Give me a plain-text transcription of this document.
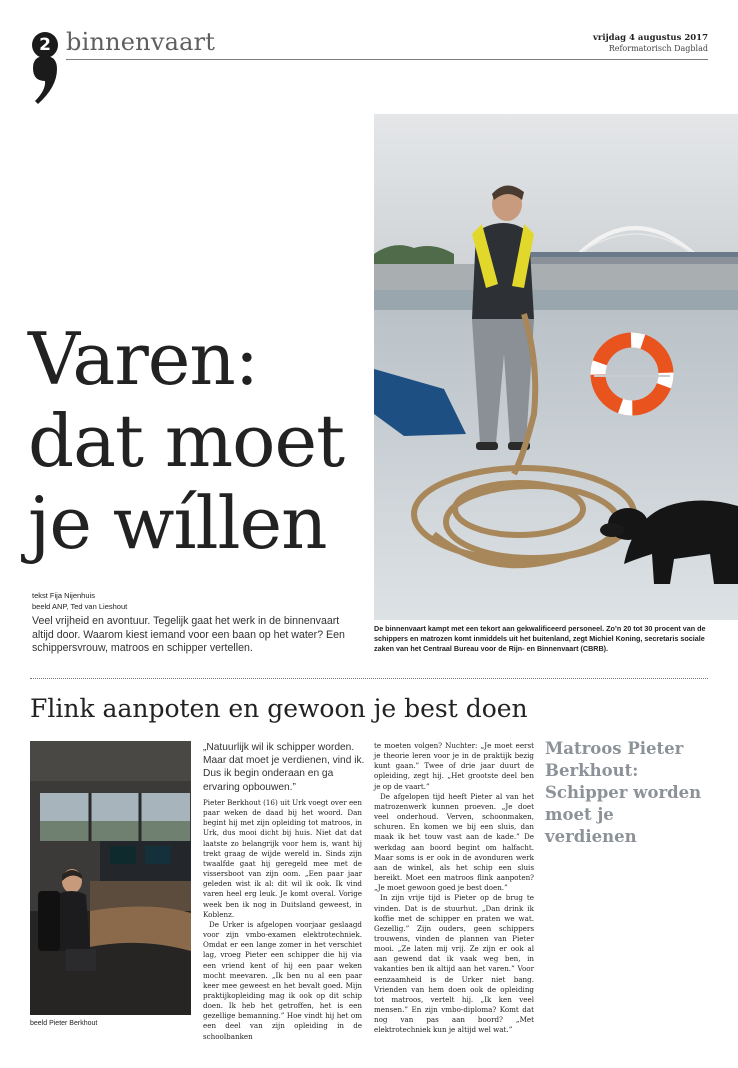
2 binnenvaart	vrijdag 4 augustus 2017
Reformatorisch Dagblad
Varen:
dat moet
je wíllen
tekst Fija Nijenhuis
beeld ANP, Ted van Lieshout
Veel vrijheid en avontuur. Tegelijk gaat het werk in de binnenvaart altijd door. Waarom kiest iemand voor een baan op het water? Een schippersvrouw, matroos en schipper vertellen.
De binnenvaart kampt met een tekort aan gekwalificeerd personeel. Zo’n 20 tot 30 procent van de schippers en matrozen komt inmiddels uit het buitenland, zegt Michiel Koning, secretaris sociale zaken van het Centraal Bureau voor de Rijn- en Binnenvaart (CBRB).
Flink aanpoten en gewoon je best doen
beeld Pieter Berkhout
„Natuurlijk wil ik schipper worden. Maar dat moet je verdienen, vind ik. Dus ik begin onderaan en ga ervaring opbouwen.”

Pieter Berkhout (16) uit Urk voegt over een paar weken de daad bij het woord. Dan begint hij met zijn opleiding tot matroos, in Urk, dus mooi dicht bij huis. Niet dat dat laatste zo belangrijk voor hem is, want hij trekt graag de wijde wereld in. Sinds zijn twaalfde gaat hij geregeld mee met de vissersboot van zijn oom. „Een paar jaar geleden wist ik al: dit wil ik ook. Ik vind varen heel erg leuk. Je komt overal. Vorige week ben ik nog in Duitsland geweest, in Koblenz.

De Urker is afgelopen voorjaar geslaagd voor zijn vmbo-examen elektrotechniek. Omdat er een lange zomer in het verschiet lag, vroeg Pieter een schipper die hij via een vriend kent of hij een paar weken mocht meevaren. „Ik ben nu al een paar keer mee geweest en het bevalt goed. Mijn praktijkopleiding mag ik ook op dit schip doen. Ik heb het getroffen, het is een gezellige bemanning.” Hoe vindt hij het om een deel van zijn opleiding in de schoolbanken

te moeten volgen? Nuchter: „Je moet eerst je theorie leren voor je in de praktijk bezig kunt gaan.” Twee of drie jaar duurt de opleiding, zegt hij. „Het grootste deel ben je op de vaart.”

De afgelopen tijd heeft Pieter al van het matrozenwerk kunnen proeven. „Je doet veel onderhoud. Verven, schoonmaken, schuren. En komen we bij een sluis, dan maak ik het touw vast aan de kade.” De werkdag aan boord begint om halfacht. Maar soms is er ook in de avonduren werk aan de winkel, als het schip een sluis bereikt. Moet een matroos flink aanpoten? „Je moet gewoon goed je best doen.”

In zijn vrije tijd is Pieter op de brug te vinden. Dat is de stuurhut. „Dan drink ik koffie met de schipper en praten we wat. Gezellig.” Zijn ouders, geen schippers trouwens, vinden de plannen van Pieter mooi. „Ze laten mij vrij. Ze zijn er ook al aan gewend dat ik vaak weg ben, in vakanties ben ik altijd aan het varen.” Voor eenzaamheid is de Urker niet bang. Vrienden van hem doen ook de opleiding tot matroos, vertelt hij. „Ik ken veel mensen.” En zijn vmbo-diploma? Komt dat nog van pas aan boord? „Met elektrotechniek kun je altijd wel wat.”

Matroos Pieter Berkhout: Schipper worden moet je verdienen
